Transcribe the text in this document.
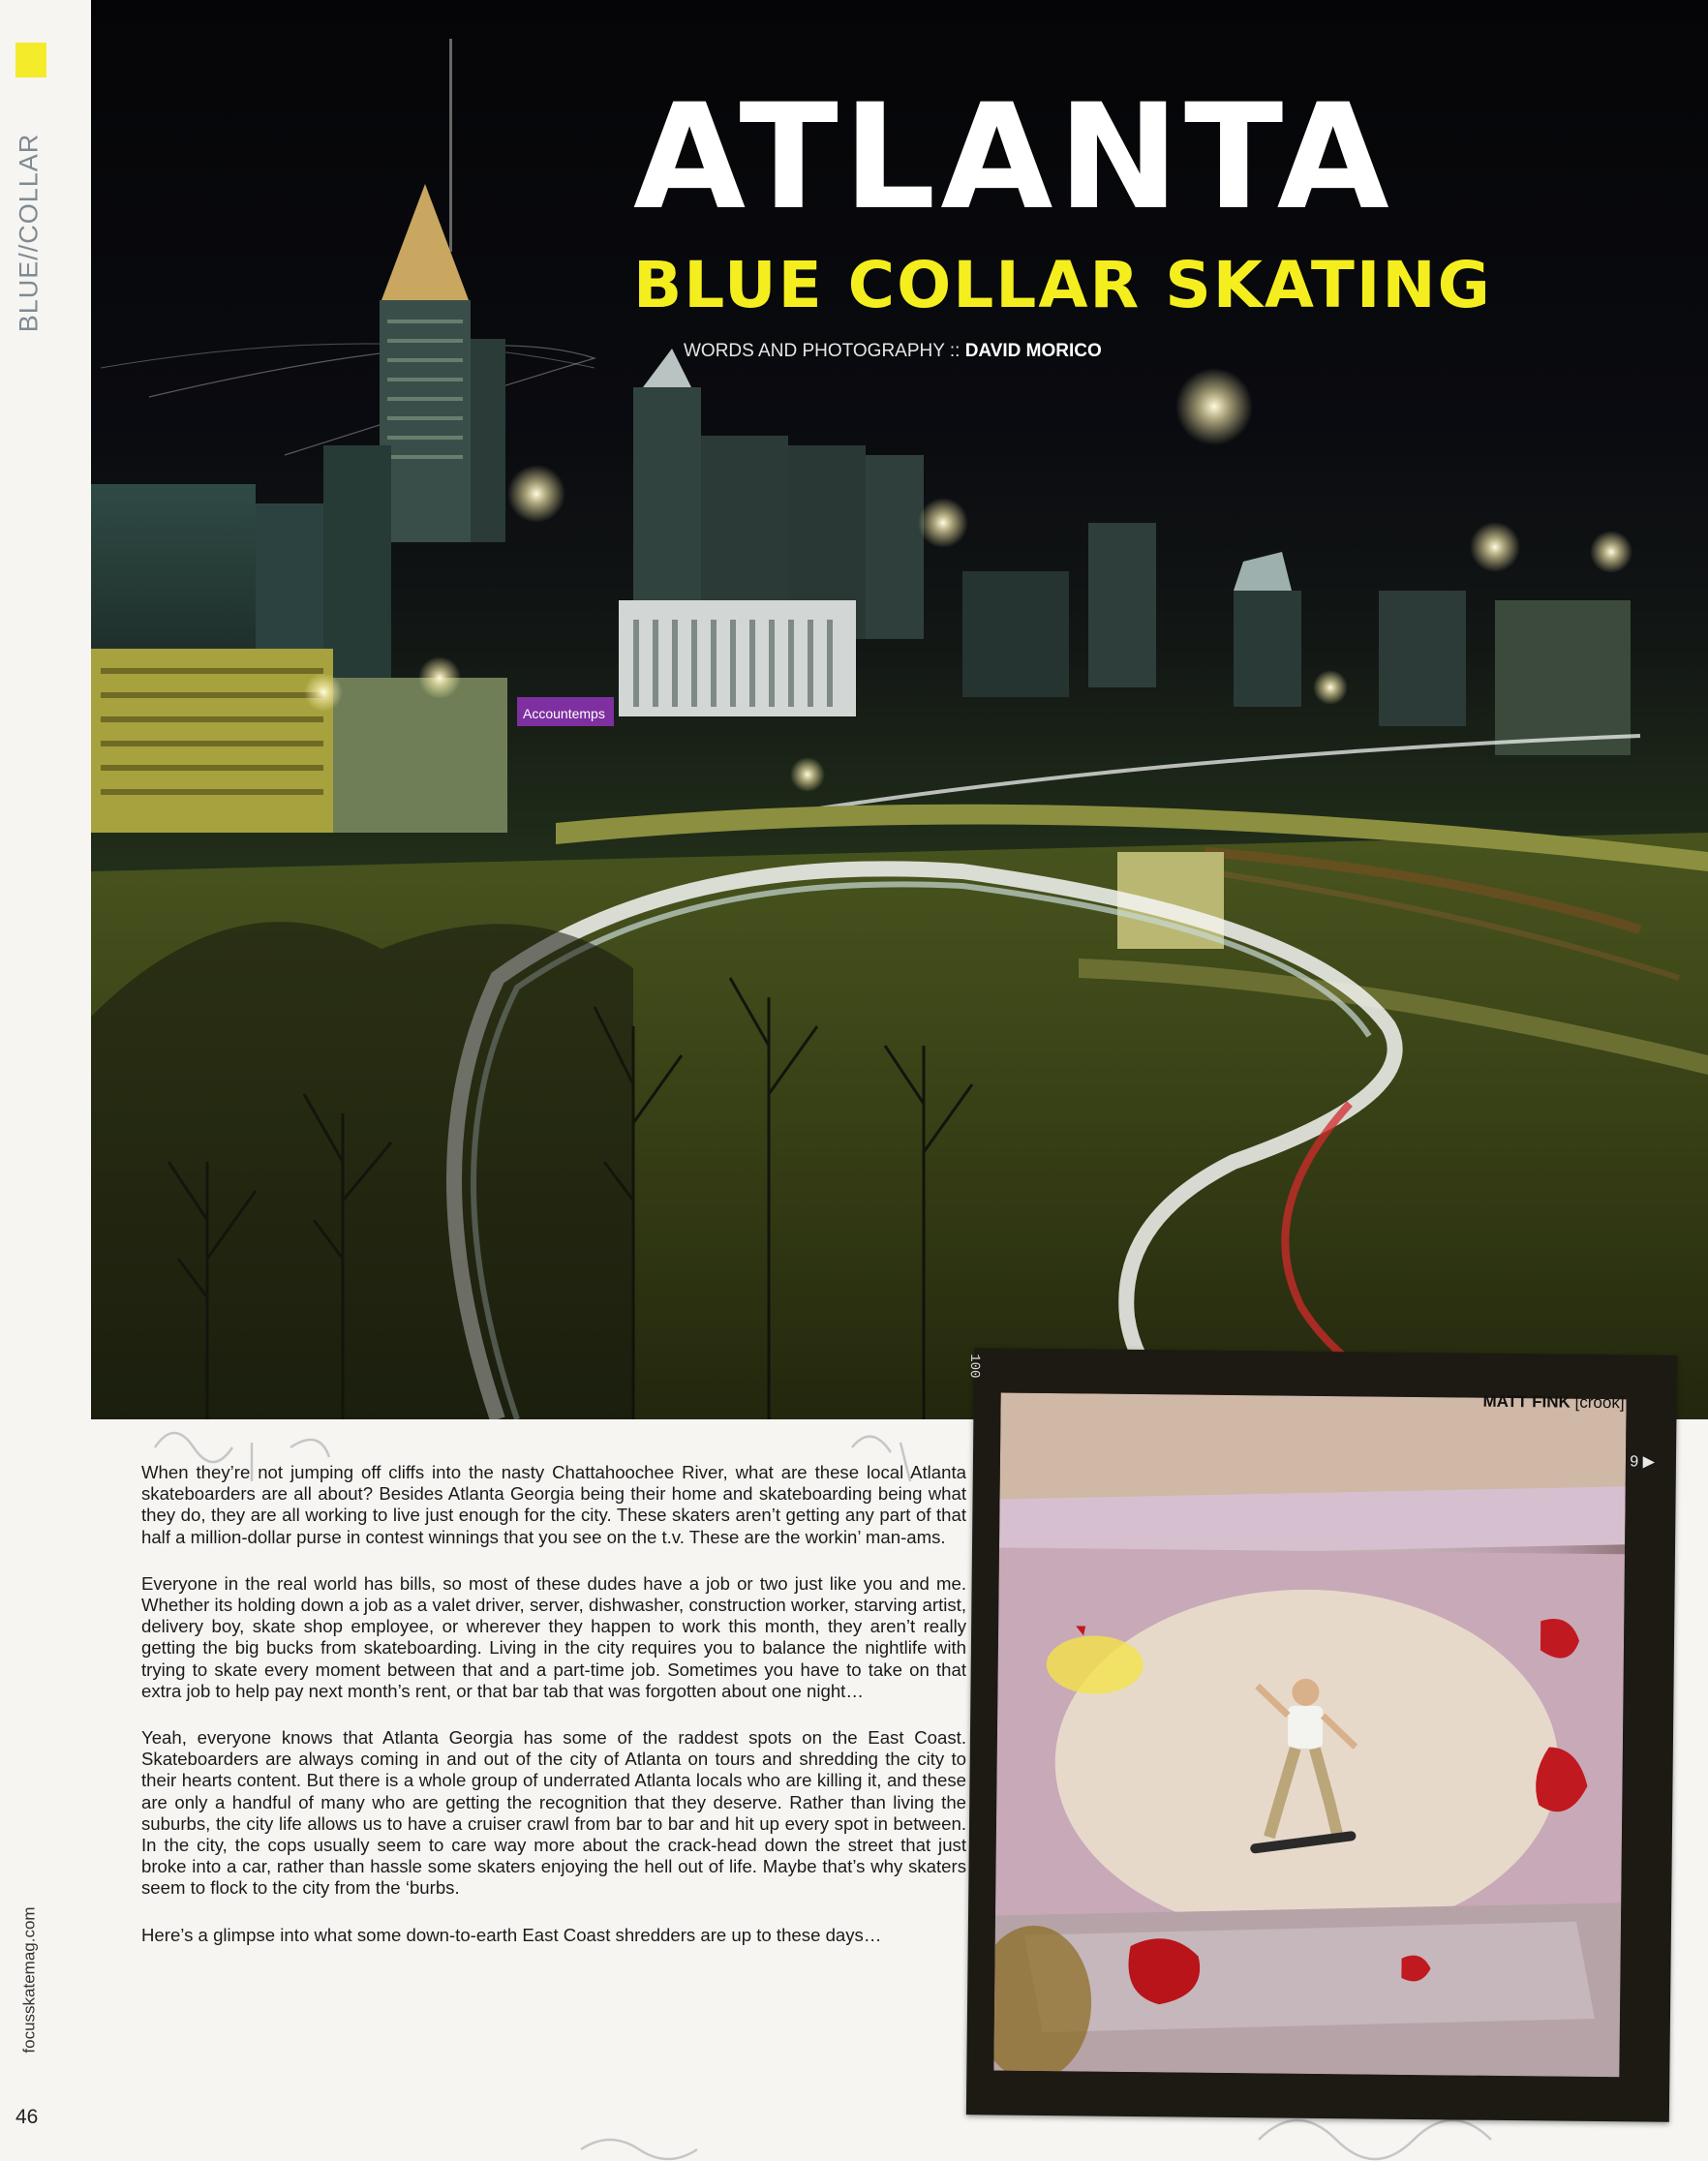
BLUE//COLLAR
Accountemps
ATLANTA
BLUE COLLAR SKATING
WORDS AND PHOTOGRAPHY :: DAVID MORICO

When they’re not jumping off cliffs into the nasty Chattahoochee River, what are these local Atlanta skateboarders are all about? Besides Atlanta Georgia being their home and skateboarding being what they do, they are all working to live just enough for the city. These skaters aren’t getting any part of that half a million-dollar purse in contest winnings that you see on the t.v. These are the workin’ man-ams.

Everyone in the real world has bills, so most of these dudes have a job or two just like you and me. Whether its holding down a job as a valet driver, server, dishwasher, construction worker, starving artist, delivery boy, skate shop employee, or wherever they happen to work this month, they aren’t really getting the big bucks from skateboarding. Living in the city requires you to balance the nightlife with trying to skate every moment between that and a part-time job. Sometimes you have to take on that extra job to help pay next month’s rent, or that bar tab that was forgotten about one night…

Yeah, everyone knows that Atlanta Georgia has some of the raddest spots on the East Coast. Skateboarders are always coming in and out of the city of Atlanta on tours and shredding the city to their hearts content. But there is a whole group of underrated Atlanta locals who are killing it, and these are only a handful of many who are getting the recognition that they deserve. Rather than living the suburbs, the city life allows us to have a cruiser crawl from bar to bar and hit up every spot in between. In the city, the cops usually seem to care way more about the crack-head down the street that just broke into a car, rather than hassle some skaters enjoying the hell out of life. Maybe that’s why skaters seem to flock to the city from the ‘burbs.

Here’s a glimpse into what some down-to-earth East Coast shredders are up to these days…

100
MATT FINK [crook]
9 ▶
focusskatemag.com
46
